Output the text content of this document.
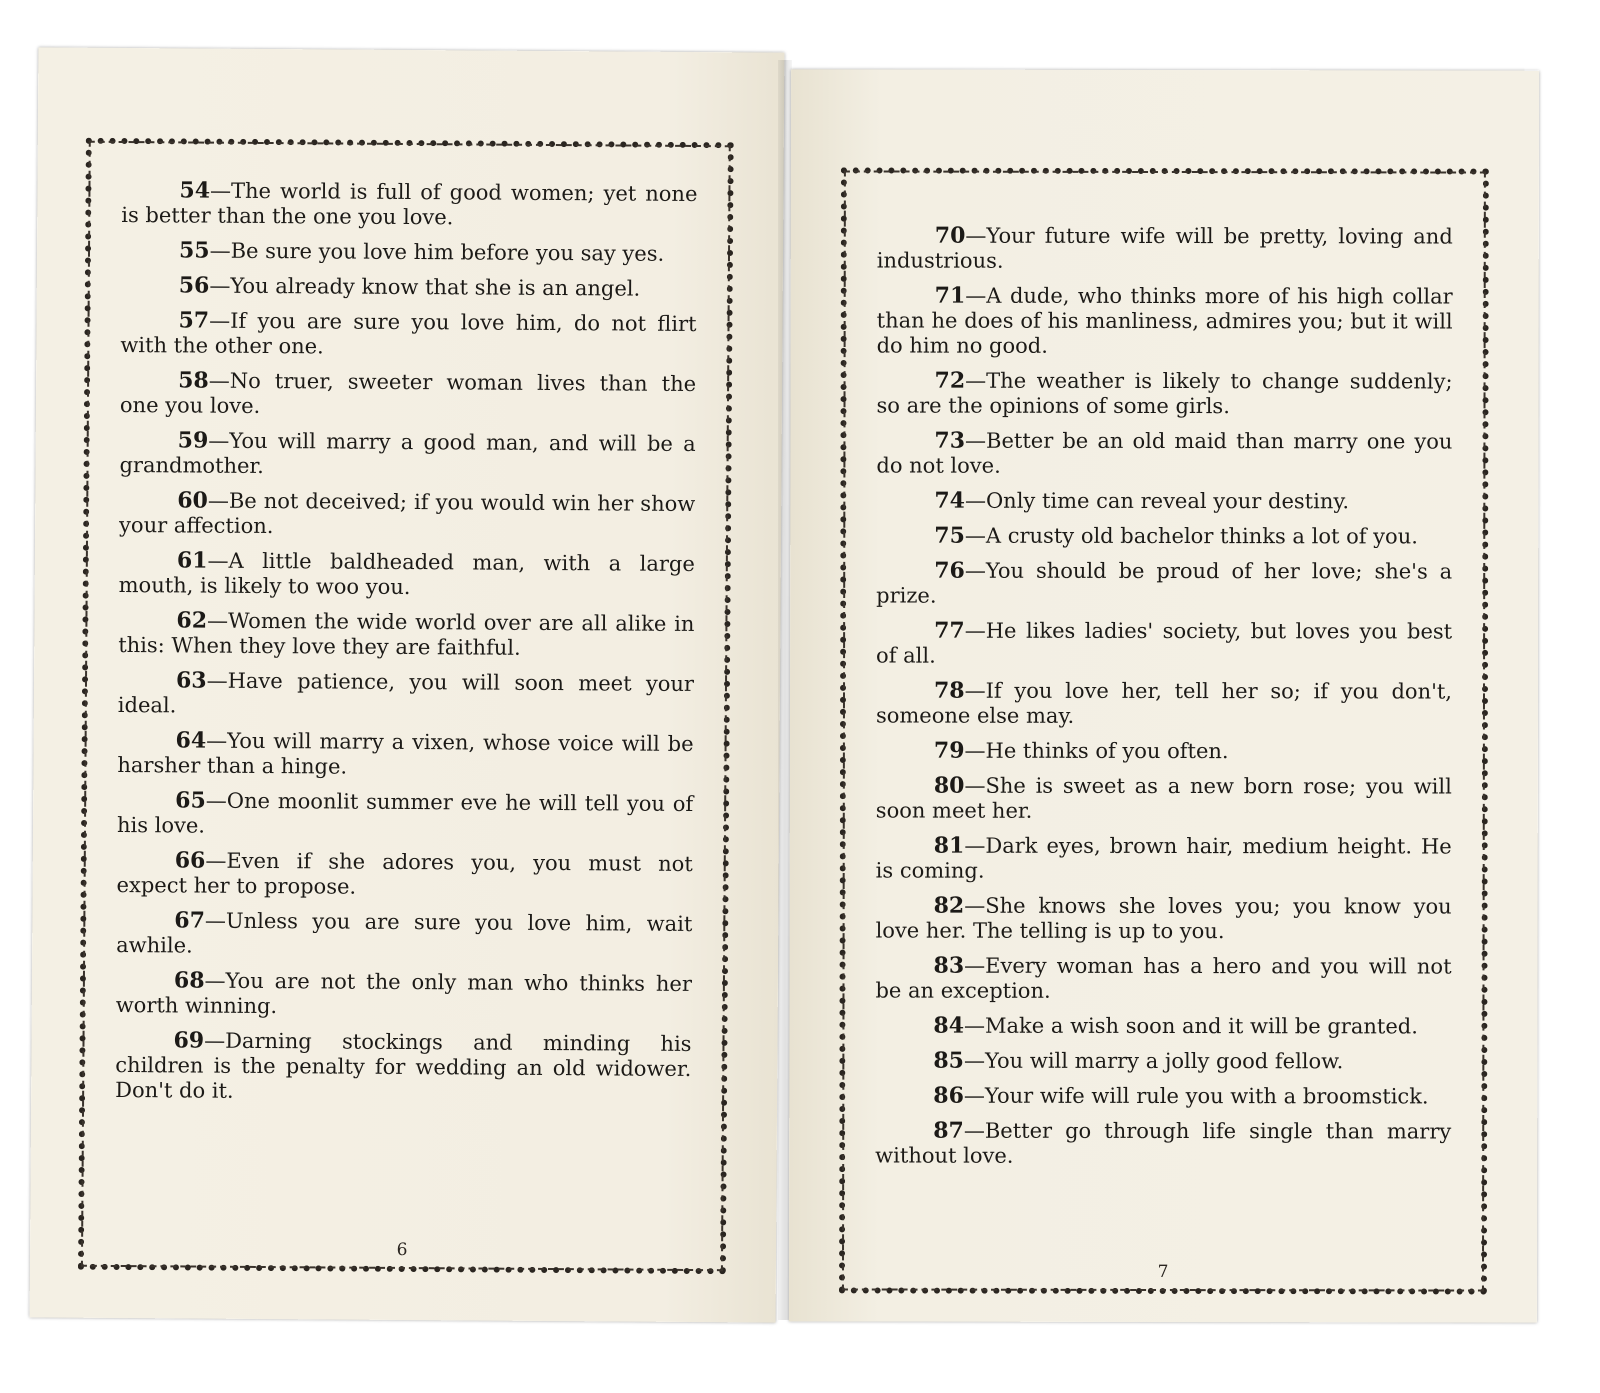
54—The world is full of good women; yet none is better than the one you love.

55—Be sure you love him before you say yes.

56—You already know that she is an angel.

57—If you are sure you love him, do not flirt with the other one.

58—No truer, sweeter woman lives than the one you love.

59—You will marry a good man, and will be a grandmother.

60—Be not deceived; if you would win her show your affection.

61—A little baldheaded man, with a large mouth, is likely to woo you.

62—Women the wide world over are all alike in this: When they love they are faithful.

63—Have patience, you will soon meet your ideal.

64—You will marry a vixen, whose voice will be harsher than a hinge.

65—One moonlit summer eve he will tell you of his love.

66—Even if she adores you, you must not expect her to propose.

67—Unless you are sure you love him, wait awhile.

68—You are not the only man who thinks her worth winning.

69—Darning stockings and minding his children is the penalty for wedding an old widower. Don't do it.

6

70—Your future wife will be pretty, loving and industrious.

71—A dude, who thinks more of his high collar than he does of his manliness, admires you; but it will do him no good.

72—The weather is likely to change suddenly; so are the opinions of some girls.

73—Better be an old maid than marry one you do not love.

74—Only time can reveal your destiny.

75—A crusty old bachelor thinks a lot of you.

76—You should be proud of her love; she's a prize.

77—He likes ladies' society, but loves you best of all.

78—If you love her, tell her so; if you don't, someone else may.

79—He thinks of you often.

80—She is sweet as a new born rose; you will soon meet her.

81—Dark eyes, brown hair, medium height. He is coming.

82—She knows she loves you; you know you love her. The telling is up to you.

83—Every woman has a hero and you will not be an exception.

84—Make a wish soon and it will be granted.

85—You will marry a jolly good fellow.

86—Your wife will rule you with a broomstick.

87—Better go through life single than marry without love.

7
